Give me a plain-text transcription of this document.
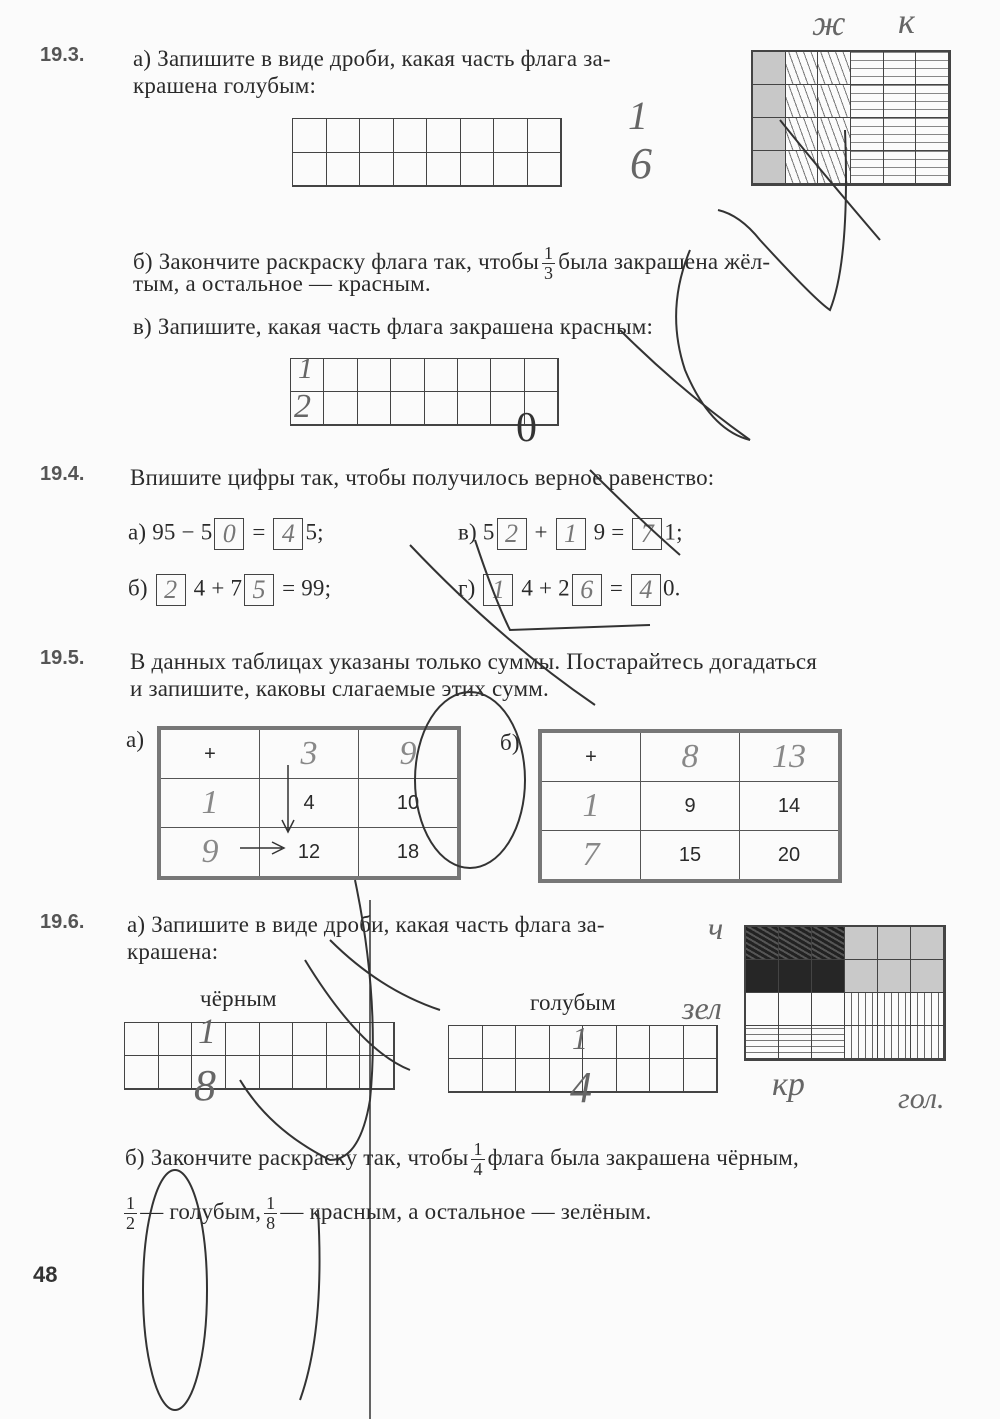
19.3. а) Запишите в виде дроби, какая часть флага за-
крашена голубым:
1
6
ж к
б) Закончите раскраску флага так, чтобы $\frac{1}{3}$ была закрашена жёл-
тым, а остальное — красным.
в) Запишите, какая часть флага закрашена красным:
1
2	0
19.4. Впишите цифры так, чтобы получилось верное равенство:
а) 95 − 5 0 = 4 5;
б) 2 4 + 7 5 = 99;
в) 5 2 + 1 9 = 7 1;
г) 1 4 + 2 6 = 4 0.
19.5. В данных таблицах указаны только суммы. Постарайтесь догадаться
и запишите, каковы слагаемые этих сумм.
а)
+	3	9
1	4	10
9	12	18
б)
+	8	13
1	9	14
7	15	20
19.6. а) Запишите в виде дроби, какая часть флага за-
крашена:
чёрным	голубым
1
8
1
4
ч
зел
кр	гол.
б) Закончите раскраску так, чтобы $\frac{1}{4}$ флага была закрашена чёрным,
$\frac{1}{2}$ — голубым, $\frac{1}{8}$ — красным, а остальное — зелёным.
48
